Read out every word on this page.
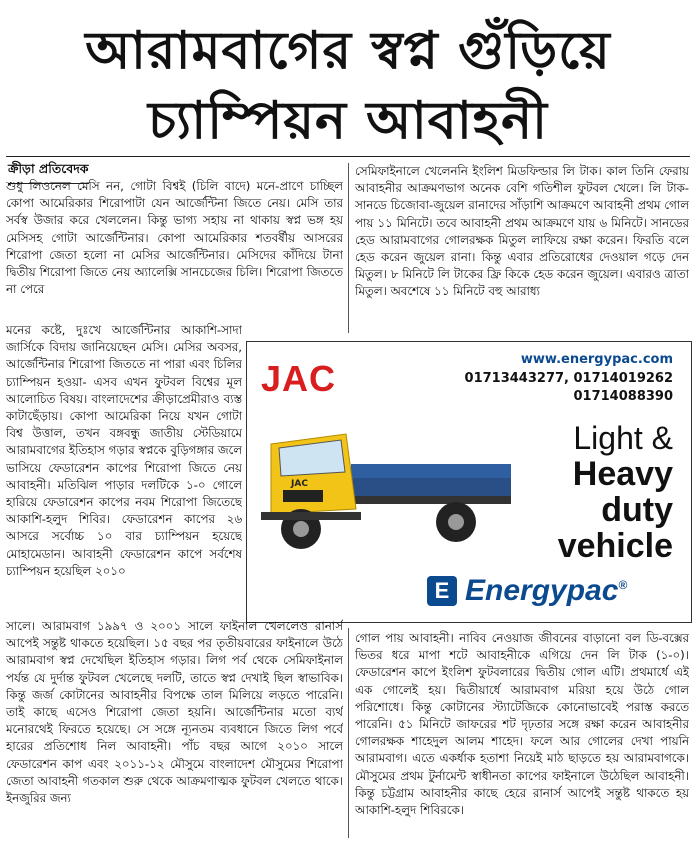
আরামবাগের স্বপ্ন গুঁড়িয়ে
চ্যাম্পিয়ন আবাহনী
ক্রীড়া প্রতিবেদক

শুধু লিওনেল মেসি নন, গোটা বিশ্বই (চিলি বাদে) মনে-প্রাণে চাচ্ছিল কোপা আমেরিকার শিরোপাটা যেন আর্জেন্টিনা জিতে নেয়। মেসি তার সর্বস্ব উজার করে খেললেন। কিন্তু ভাগ্য সহায় না থাকায় স্বপ্ন ভঙ্গ হয় মেসিসহ গোটা আর্জেন্টিনার। কোপা আমেরিকার শতবর্ষীয় আসরের শিরোপা জেতা হলো না মেসির আর্জেন্টিনার। মেসিদের কাঁদিয়ে টানা দ্বিতীয় শিরোপা জিতে নেয় অ্যালেক্সি সানচেজের চিলি। শিরোপা জিততে না পেরে

মনের কষ্টে, দুঃখে আর্জেন্টিনার আকাশি-সাদা জার্সিকে বিদায় জানিয়েছেন মেসি। মেসির অবসর, আর্জেন্টিনার শিরোপা জিততে না পারা এবং চিলির চ্যাম্পিয়ন হওয়া- এসব এখন ফুটবল বিশ্বের মূল আলোচিত বিষয়। বাংলাদেশের ক্রীড়াপ্রেমীরাও ব্যস্ত কাটাছেঁড়ায়। কোপা আমেরিকা নিয়ে যখন গোটা বিশ্ব উত্তাল, তখন বঙ্গবন্ধু জাতীয় স্টেডিয়ামে আরামবাগের ইতিহাস গড়ার স্বপ্নকে বুড়িগঙ্গার জলে ভাসিয়ে ফেডারেশন কাপের শিরোপা জিতে নেয় আবাহনী। মতিঝিল পাড়ার দলটিকে ১-০ গোলে হারিয়ে ফেডারেশন কাপের নবম শিরোপা জিতেছে আকাশি-হলুদ শিবির। ফেডারেশন কাপের ২৬ আসরে সর্বোচ্চ ১০ বার চ্যাম্পিয়ন হয়েছে মোহামেডান। আবাহনী ফেডারেশন কাপে সর্বশেষ চ্যাম্পিয়ন হয়েছিল ২০১০

সেমিফাইনালে খেলেননি ইংলিশ মিডফিল্ডার লি টাক। কাল তিনি ফেরায় আবাহনীর আক্রমণভাগ অনেক বেশি গতিশীল ফুটবল খেলে। লি টাক- সানডে চিজোবা-জুয়েল রানাদের সাঁড়াশি আক্রমণে আবাহনী প্রথম গোল পায় ১১ মিনিটে। তবে আবাহনী প্রথম আক্রমণে যায় ৬ মিনিটে। সানডের হেড আরামবাগের গোলরক্ষক মিতুল লাফিয়ে রক্ষা করেন। ফিরতি বলে হেড করেন জুয়েল রানা। কিন্তু এবার প্রতিরোধের দেওয়াল গড়ে দেন মিতুল। ৮ মিনিটে লি টাকের ফ্রি কিকে হেড করেন জুয়েল। এবারও ত্রাতা মিতুল। অবশেষে ১১ মিনিটে বহু আরাধ্য

JAC	www.energypac.com
01713443277, 01714019262
01714088390
JAC
Light &
Heavy
duty
vehicle
E Energypac®

সালে। আরামবাগ ১৯৯৭ ও ২০০১ সালে ফাইনাল খেললেও রানার্স আপেই সন্তুষ্ট থাকতে হয়েছিল। ১৫ বছর পর তৃতীয়বারের ফাইনালে উঠে আরামবাগ স্বপ্ন দেখেছিল ইতিহাস গড়ার। লিগ পর্ব থেকে সেমিফাইনাল পর্যন্ত যে দুর্দান্ত ফুটবল খেলেছে দলটি, তাতে স্বপ্ন দেখাই ছিল স্বাভাবিক। কিন্তু জর্জ কোটানের আবাহনীর বিপক্ষে তাল মিলিয়ে লড়তে পারেনি। তাই কাছে এসেও শিরোপা জেতা হয়নি। আর্জেন্টিনার মতো ব্যর্থ মনোরথেই ফিরতে হয়েছে। সে সঙ্গে ন্যূনতম ব্যবধানে জিতে লিগ পর্বে হারের প্রতিশোধ নিল আবাহনী। পাঁচ বছর আগে ২০১০ সালে ফেডারেশন কাপ এবং ২০১১-১২ মৌসুমে বাংলাদেশ মৌসুমের শিরোপা জেতা আবাহনী গতকাল শুরু থেকে আক্রমণাত্মক ফুটবল খেলতে থাকে। ইনজুরির জন্য

গোল পায় আবাহনী। নাবিব নেওয়াজ জীবনের বাড়ানো বল ডি-বক্সের ভিতর ধরে মাপা শটে আবাহনীকে এগিয়ে দেন লি টাক (১-০)। ফেডারেশন কাপে ইংলিশ ফুটবলারের দ্বিতীয় গোল এটি। প্রথমার্ধে এই এক গোলেই হয়। দ্বিতীয়ার্ধে আরামবাগ মরিয়া হয়ে উঠে গোল পরিশোধে। কিন্তু কোটানের স্ট্যাটেজিকে কোনোভাবেই পরাস্ত করতে পারেনি। ৫১ মিনিটে জাফরের শট দৃঢ়তার সঙ্গে রক্ষা করেন আবাহনীর গোলরক্ষক শাহেদুল আলম শাহেদ। ফলে আর গোলের দেখা পায়নি আরামবাগ। এতে একর্ধাক হতাশা নিয়েই মাঠ ছাড়তে হয় আরামবাগকে।মৌসুমের প্রথম টুর্নামেন্ট স্বাধীনতা কাপের ফাইনালে উঠেছিল আবাহনী। কিন্তু চট্টগ্রাম আবাহনীর কাছে হেরে রানার্স আপেই সন্তুষ্ট থাকতে হয় আকাশি-হলুদ শিবিরকে।
